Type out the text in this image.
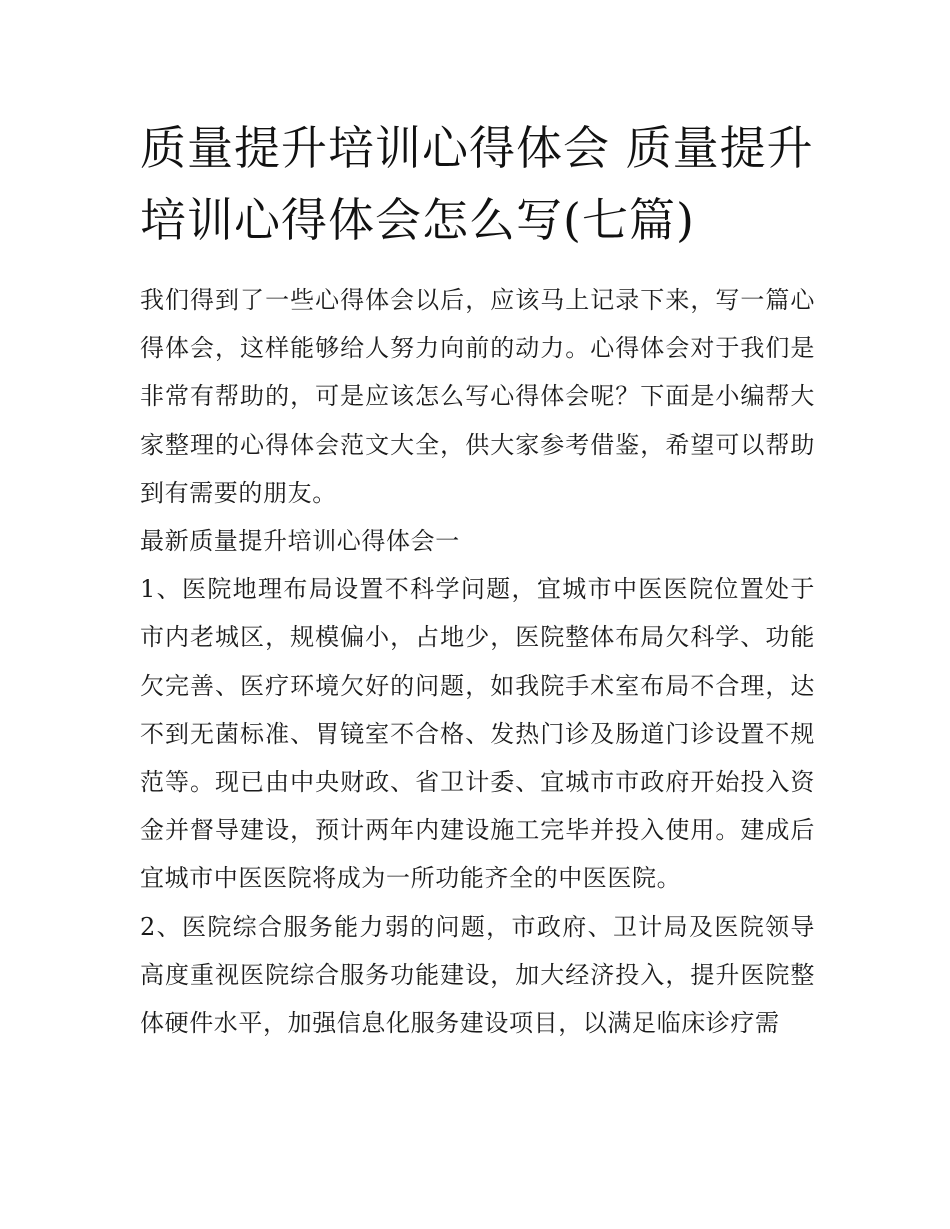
质量提升培训心得体会 质量提升培训心得体会怎么写(七篇)

我们得到了一些心得体会以后，应该马上记录下来，写一篇心得体会，这样能够给人努力向前的动力。心得体会对于我们是非常有帮助的，可是应该怎么写心得体会呢？下面是小编帮大家整理的心得体会范文大全，供大家参考借鉴，希望可以帮助到有需要的朋友。

最新质量提升培训心得体会一

1、医院地理布局设置不科学问题，宜城市中医医院位置处于市内老城区，规模偏小，占地少，医院整体布局欠科学、功能欠完善、医疗环境欠好的问题，如我院手术室布局不合理，达不到无菌标准、胃镜室不合格、发热门诊及肠道门诊设置不规范等。现已由中央财政、省卫计委、宜城市市政府开始投入资金并督导建设，预计两年内建设施工完毕并投入使用。建成后宜城市中医医院将成为一所功能齐全的中医医院。

2、医院综合服务能力弱的问题，市政府、卫计局及医院领导高度重视医院综合服务功能建设，加大经济投入，提升医院整体硬件水平，加强信息化服务建设项目，以满足临床诊疗需
